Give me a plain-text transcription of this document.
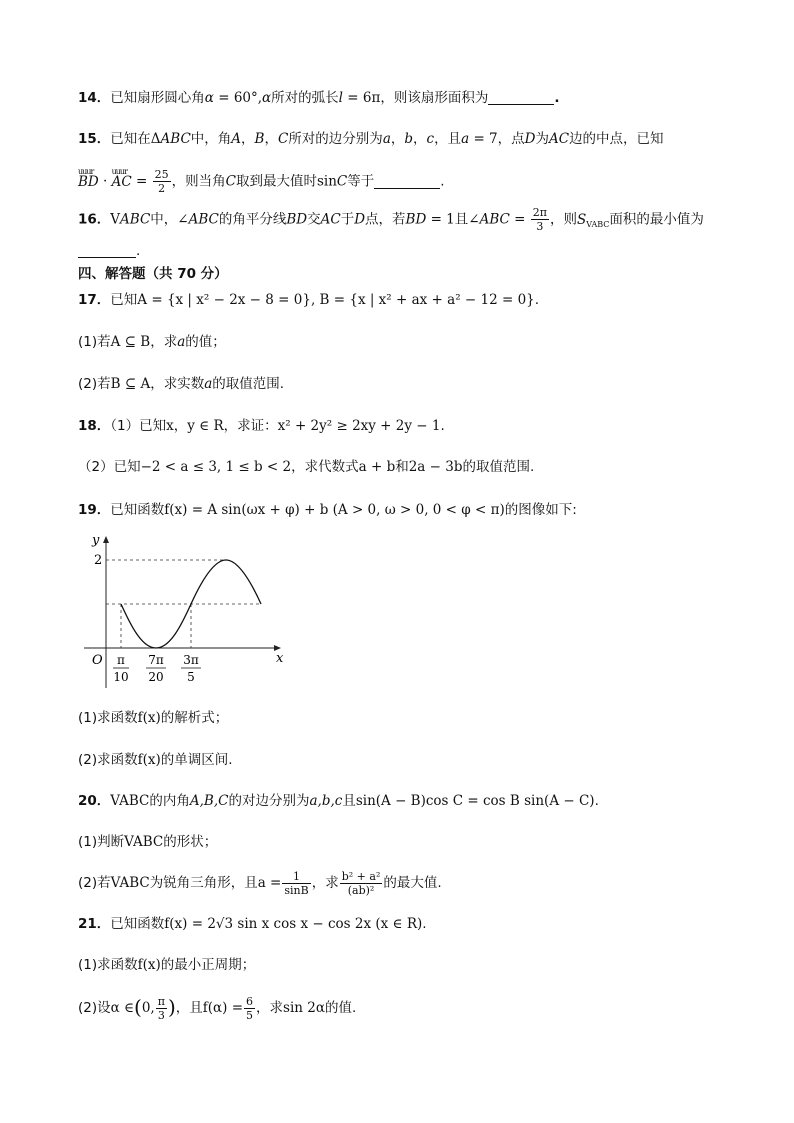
14．已知扇形圆心角α = 60°,α所对的弧长l = 6π，则该扇形面积为	.
15．已知在ΔABC中，角A，B，C所对的边分别为a，b，c，且a = 7，点D为AC边的中点，已知
uuur
BD ·
uuur
AC = $\frac{25}{2}$ ，则当角C取到最大值时sinC等于	.
16．VABC中，∠ABC的角平分线BD交AC于D点，若BD = 1且∠ABC = $\frac{2\pi}{3}$ ，则$S_{VABC}$面积的最小值为
.
四、解答题（共 70 分）
17．已知A = {x | x² − 2x − 8 = 0}, B = {x | x² + ax + a² − 12 = 0}.
(1)若A ⊆ B，求a的值；
(2)若B ⊆ A，求实数a的取值范围.
18．（1）已知x，y ∈ R，求证：x² + 2y² ≥ 2xy + 2y − 1.
（2）已知−2 < a ≤ 3, 1 ≤ b < 2，求代数式a + b和2a − 3b的取值范围.
19．已知函数f(x) = A sin(ωx + φ) + b (A > 0, ω > 0, 0 < φ < π)的图像如下:
y
2
x
O π
10
7π
20
3π
5
(1)求函数f(x)的解析式；
(2)求函数f(x)的单调区间.
20．VABC的内角A,B,C的对边分别为a,b,c且sin(A − B)cos C = cos B sin(A − C).
(1)判断VABC的形状；
(2)若VABC为锐角三角形，且$a = \frac{1}{\sin B}$ ，求 $\frac{\text{b² + a²}}{\text{(ab)²}}$ 的最大值.
21．已知函数f(x) = 2√3 sin x cos x − cos 2x (x ∈ R).
(1)求函数f(x)的最小正周期；
(2)设α ∈(0, $\frac{\pi}{3}$ )，且$f(\alpha) = \frac{6}{5}$ ，求sin 2α的值.
